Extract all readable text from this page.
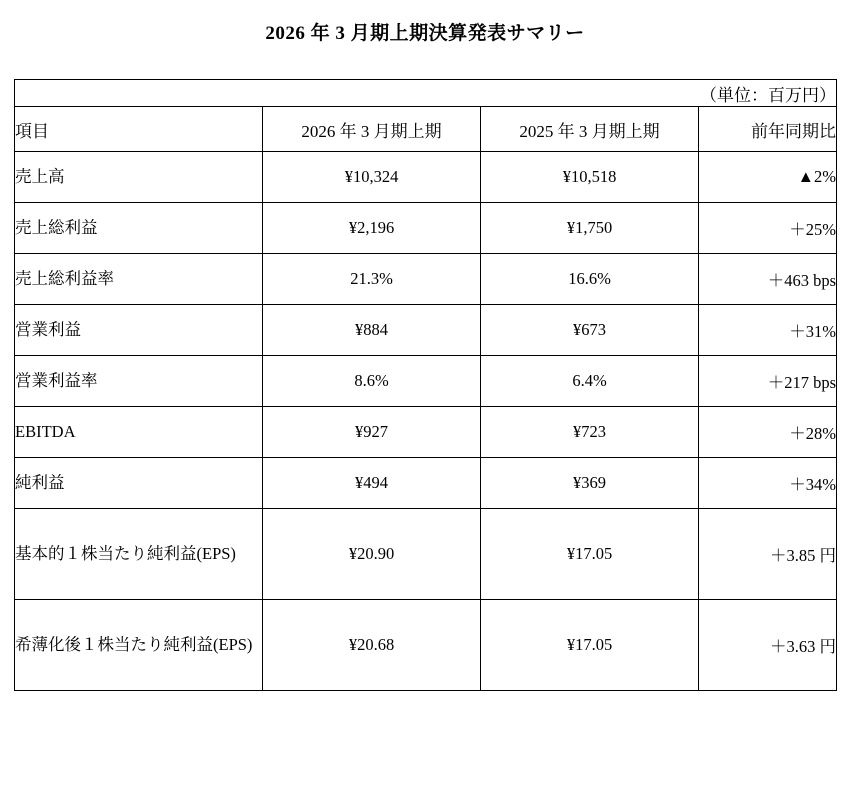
2026 年 3 月期上期決算発表サマリー
（単位：百万円）			
項目	2026 年 3 月期上期	2025 年 3 月期上期	前年同期比
売上高	¥10,324	¥10,518	▲2%
売上総利益	¥2,196	¥1,750	＋25%
売上総利益率	21.3%	16.6%	＋463 bps
営業利益	¥884	¥673	＋31%
営業利益率	8.6%	6.4%	＋217 bps
EBITDA	¥927	¥723	＋28%
純利益	¥494	¥369	＋34%
基本的１株当たり純利益(EPS)	¥20.90	¥17.05	＋3.85 円
希薄化後１株当たり純利益(EPS)	¥20.68	¥17.05	＋3.63 円
